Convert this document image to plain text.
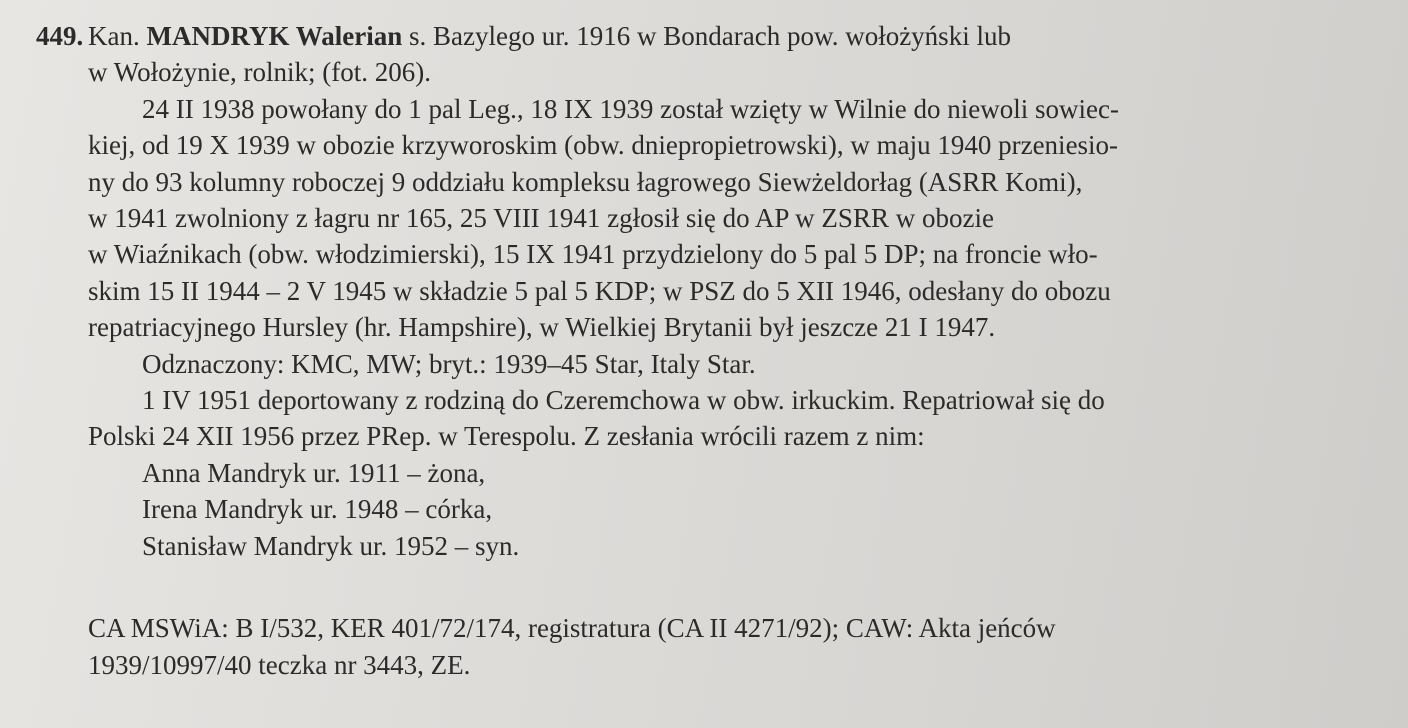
449. Kan. MANDRYK Walerian s. Bazylego ur. 1916 w Bondarach pow. wołożyński lub
w Wołożynie, rolnik; (fot. 206).
24 II 1938 powołany do 1 pal Leg., 18 IX 1939 został wzięty w Wilnie do niewoli sowiec-
kiej, od 19 X 1939 w obozie krzyworoskim (obw. dniepropietrowski), w maju 1940 przeniesio-
ny do 93 kolumny roboczej 9 oddziału kompleksu łagrowego Siewżeldorłag (ASRR Komi),
w 1941 zwolniony z łagru nr 165, 25 VIII 1941 zgłosił się do AP w ZSRR w obozie
w Wiaźnikach (obw. włodzimierski), 15 IX 1941 przydzielony do 5 pal 5 DP; na froncie wło-
skim 15 II 1944 – 2 V 1945 w składzie 5 pal 5 KDP; w PSZ do 5 XII 1946, odesłany do obozu
repatriacyjnego Hursley (hr. Hampshire), w Wielkiej Brytanii był jeszcze 21 I 1947.
Odznaczony: KMC, MW; bryt.: 1939–45 Star, Italy Star.
1 IV 1951 deportowany z rodziną do Czeremchowa w obw. irkuckim. Repatriował się do
Polski 24 XII 1956 przez PRep. w Terespolu. Z zesłania wrócili razem z nim:
Anna Mandryk ur. 1911 – żona,
Irena Mandryk ur. 1948 – córka,
Stanisław Mandryk ur. 1952 – syn.
CA MSWiA: B I/532, KER 401/72/174, registratura (CA II 4271/92); CAW: Akta jeńców
1939/10997/40 teczka nr 3443, ZE.
